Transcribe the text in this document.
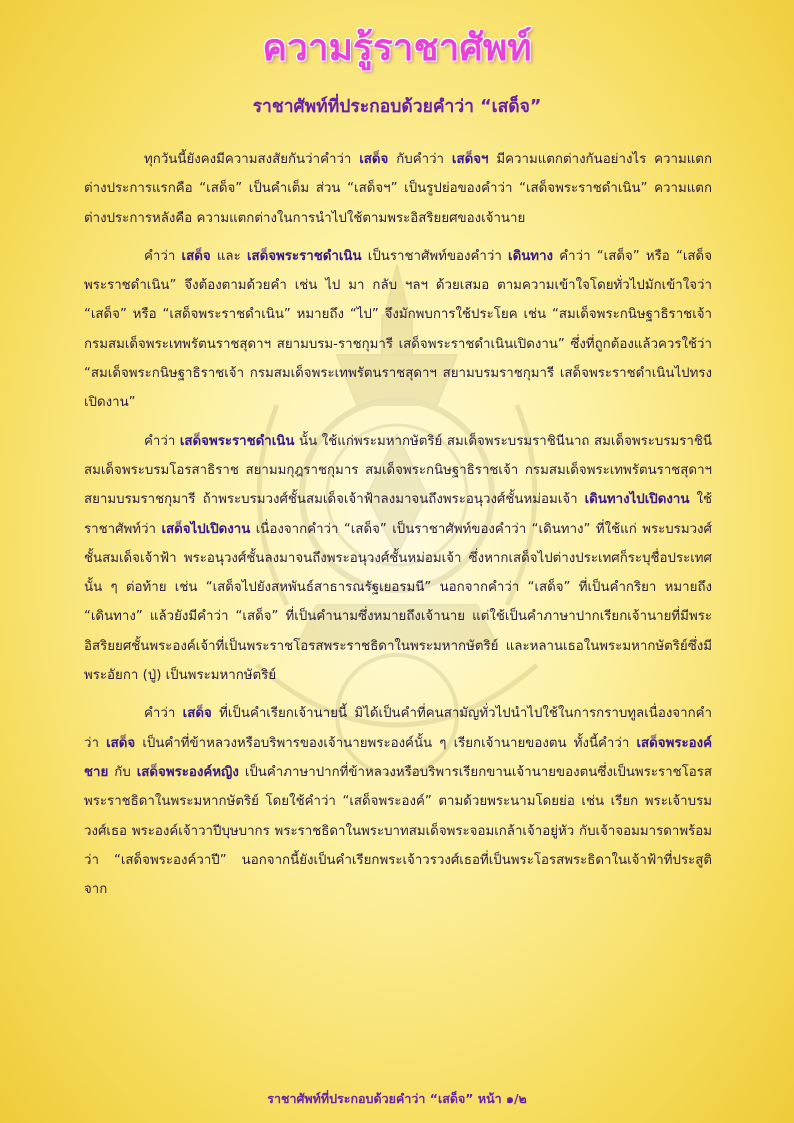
ความรู้ราชาศัพท์
ราชาศัพท์ที่ประกอบด้วยคำว่า “เสด็จ”

ทุกวันนี้ยังคงมีความสงสัยกันว่าคำว่า เสด็จ กับคำว่า เสด็จฯ มีความแตกต่างกันอย่างไร ความแตกต่างประการแรกคือ “เสด็จ” เป็นคำเต็ม ส่วน “เสด็จฯ” เป็นรูปย่อของคำว่า “เสด็จพระราชดำเนิน” ความแตกต่างประการหลังคือ ความแตกต่างในการนำไปใช้ตามพระอิสริยยศของเจ้านาย

คำว่า เสด็จ และ เสด็จพระราชดำเนิน เป็นราชาศัพท์ของคำว่า เดินทาง คำว่า “เสด็จ” หรือ “เสด็จพระราชดำเนิน” จึงต้องตามด้วยคำ เช่น ไป มา กลับ ฯลฯ ด้วยเสมอ ตามความเข้าใจโดยทั่วไปมักเข้าใจว่า “เสด็จ” หรือ “เสด็จพระราชดำเนิน” หมายถึง “ไป” จึงมักพบการใช้ประโยค เช่น “สมเด็จพระกนิษฐาธิราชเจ้า กรมสมเด็จพระเทพรัตนราชสุดาฯ สยามบรม-ราชกุมารี เสด็จพระราชดำเนินเปิดงาน” ซึ่งที่ถูกต้องแล้วควรใช้ว่า “สมเด็จพระกนิษฐาธิราชเจ้า กรมสมเด็จพระเทพรัตนราชสุดาฯ สยามบรมราชกุมารี เสด็จพระราชดำเนินไปทรงเปิดงาน”

คำว่า เสด็จพระราชดำเนิน นั้น ใช้แก่พระมหากษัตริย์ สมเด็จพระบรมราชินีนาถ สมเด็จพระบรมราชินี สมเด็จพระบรมโอรสาธิราช สยามมกุฎราชกุมาร สมเด็จพระกนิษฐาธิราชเจ้า กรมสมเด็จพระเทพรัตนราชสุดาฯ สยามบรมราชกุมารี ถ้าพระบรมวงศ์ชั้นสมเด็จเจ้าฟ้าลงมาจนถึงพระอนุวงศ์ชั้นหม่อมเจ้า เดินทางไปเปิดงาน ใช้ราชาศัพท์ว่า เสด็จไปเปิดงาน เนื่องจากคำว่า “เสด็จ” เป็นราชาศัพท์ของคำว่า “เดินทาง” ที่ใช้แก่ พระบรมวงศ์ชั้นสมเด็จเจ้าฟ้า พระอนุวงศ์ชั้นลงมาจนถึงพระอนุวงศ์ชั้นหม่อมเจ้า ซึ่งหากเสด็จไปต่างประเทศก็ระบุชื่อประเทศนั้น ๆ ต่อท้าย เช่น “เสด็จไปยังสหพันธ์สาธารณรัฐเยอรมนี” นอกจากคำว่า “เสด็จ” ที่เป็นคำกริยา หมายถึง “เดินทาง” แล้วยังมีคำว่า “เสด็จ” ที่เป็นคำนามซึ่งหมายถึงเจ้านาย แต่ใช้เป็นคำภาษาปากเรียกเจ้านายที่มีพระอิสริยยศชั้นพระองค์เจ้าที่เป็นพระราชโอรสพระราชธิดาในพระมหากษัตริย์ และหลานเธอในพระมหากษัตริย์ซึ่งมีพระอัยกา (ปู่) เป็นพระมหากษัตริย์

คำว่า เสด็จ ที่เป็นคำเรียกเจ้านายนี้ มิได้เป็นคำที่คนสามัญทั่วไปนำไปใช้ในการกราบทูลเนื่องจากคำว่า เสด็จ เป็นคำที่ข้าหลวงหรือบริพารของเจ้านายพระองค์นั้น ๆ เรียกเจ้านายของตน ทั้งนี้คำว่า เสด็จพระองค์ชาย กับ เสด็จพระองค์หญิง เป็นคำภาษาปากที่ข้าหลวงหรือบริพารเรียกขานเจ้านายของตนซึ่งเป็นพระราชโอรสพระราชธิดาในพระมหากษัตริย์ โดยใช้คำว่า “เสด็จพระองค์” ตามด้วยพระนามโดยย่อ เช่น เรียก พระเจ้าบรมวงศ์เธอ พระองค์เจ้าวาปีบุษบากร พระราชธิดาในพระบาทสมเด็จพระจอมเกล้าเจ้าอยู่หัว กับเจ้าจอมมารดาพร้อม ว่า “เสด็จพระองค์วาปี” นอกจากนี้ยังเป็นคำเรียกพระเจ้าวรวงศ์เธอที่เป็นพระโอรสพระธิดาในเจ้าฟ้าที่ประสูติจาก

ราชาศัพท์ที่ประกอบด้วยคำว่า “เสด็จ” หน้า ๑/๒
